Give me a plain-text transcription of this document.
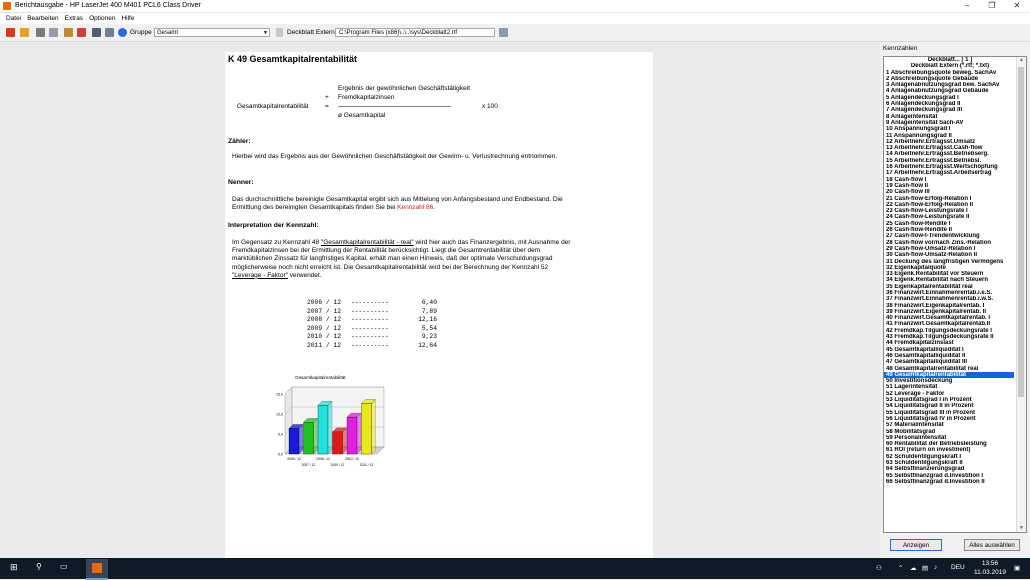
Berichtausgabe - HP LaserJet 400 M401 PCL6 Class Driver	–	❐	✕
Datei Bearbeiten Extras Optionen Hilfe
Gruppe Gesamt	▼	Deckblatt Extern C:\Program Files (x86)\..\..\sys\Deckblatt2.rtf
K 49 Gesamtkapitalrentabilität
Ergebnis der gewöhnlichen Geschäftstätigkeit
+ Fremdkapitalzinsen
Gesamtkapitalrentabilität	= ------------------------------------------------------------------------	x 100
ø Gesamtkapital
Zähler:
Hierbei wird das Ergebnis aus der Gewöhnlichen Geschäftstätigkeit der Gewinn- u. Verlustrechnung entnommen.
Nenner:
Das durchschnittliche bereinigte Gesamtkapital ergibt sich aus Mittelung von Anfangsbestand und Endbestand. Die Ermittlung des bereinigten Gesamtkapitals finden Sie bei Kennzahl 86.
Interpretation der Kennzahl:
Im Gegensatz zu Kennzahl 48 "Gesamtkapitalrentabilität - real" wird hier auch das Finanzergebnis, mit Ausnahme der Fremdkapitalzinsen bei der Ermittlung der Rentabilität berücksichtigt. Liegt die Gesamtrentabilität über dem marktüblichen Zinssatz für langfristiges Kapital, erhält man einen Hinweis, daß der optimale Verschuldungsgrad möglicherweise noch nicht erreicht ist. Die Gesamtkapitalrentabilität wird bei der Berechnung der Kennzahl 52 "Leverage - Faktor" verwendet.
2006 / 12 ----------	6,40
2007 / 12 ----------	7,89
2008 / 12 ----------	12,16
2009 / 12 ----------	5,54
2010 / 12 ----------	9,23
2011 / 12 ----------	12,64
Gesamtkapitalrentabilität
0,0
5,0
10,0
15,0
2006 / 12
2007 / 12
2008 / 12
2009 / 12
2010 / 12
2011 / 12
Kennzahlen
Deckblatt... [ 1 ]
Deckblatt Extern (*.rtf; *.txt)
1 Abschreibungsquote beweg. SachAv
2 Abschreibungsquote Gebäude
3 Anlagenabnutzungsgrad bew. SachAv
4 Anlagenabnutzungsgrad Gebäude
5 Anlagendeckungsgrad I
6 Anlagendeckungsgrad II
7 Anlagendeckungsgrad III
8 Anlageintensität
9 Anlageintensität Sach-AV
10 Anspannungsgrad I
11 Anspannungsgrad II
12 Arbeitnehr.Ertragsst.Umsatz
13 Arbeitnehr.Ertragsst.Cash-flow
14 Arbeitnehr.Ertragsst.Betriebserg.
15 Arbeitnehr.Ertragsst.Betriebsl.
16 Arbeitnehr.Ertragsst.Wertschöpfung
17 Arbeitnehr.Ertragsst.Arbeitsertrag
18 Cash-flow I
19 Cash-flow II
20 Cash-flow III
21 Cash-flow-Erfolg-Relation I
22 Cash-flow-Erfolg-Relation II
23 Cash-flow-Leistungsrate I
24 Cash-flow-Leistungsrate II
25 Cash-flow-Rendite I
26 Cash-flow-Rendite II
27 Cash-flow-I-Trendentwicklung
28 Cash-flow vor/nach Zins.-Relation
29 Cash-flow-Umsatz-Relation I
30 Cash-flow-Umsatz-Relation II
31 Deckung des langfristigen Vermögens
32 Eigenkapitalquote
33 Eigenk.Rentabilität vor Steuern
34 Eigenk.Rentabilität nach Steuern
35 Eigenkapitalrentabilität real
36 Finanzwirt.Einnahmenrentab.i.e.S.
37 Finanzwirt.Einnahmenrentab.i.w.S.
38 Finanzwirt.Eigenkapitalrentab. I
39 Finanzwirt.Eigenkapitalrentab. II
40 Finanzwirt.Gesamtkapitalrentab. I
41 Finanzwirt.Gesamtkapitalrentab.II
42 Fremdkap.Tilgungsdeckungsrate I
43 Fremdkap.Tilgungsdeckungsrate II
44 Fremdkapitalzinslast
45 Gesamtkapitalliquidität I
46 Gesamtkapitalliquidität II
47 Gesamtkapitalliquidität III
48 Gesamtkapitalrentabilität real
49 Gesamtkapitalrentabilität
50 Investitionsdeckung
51 Lagerintensität
52 Leverage - Faktor
53 Liquiditätsgrad I in Prozent
54 Liquiditätsgrad II in Prozent
55 Liquiditätsgrad III in Prozent
56 Liquiditätsgrad IV in Prozent
57 Materialintensität
58 Mobilitätsgrad
59 Personalintensität
60 Rentabilität der Betriebsleistung
61 ROI (return on investment)
62 Schuldentilgungskraft I
63 Schuldentilgungskraft II
64 Selbstfinanzierungsgrad
65 Selbstfinanzgrad d.Investition I
66 Selbstfinanzgrad d.Investition II
▲
▼
Anzeigen	Alles auswählen
⊞ ⚲ ▭	⚇ ⌃ ☁ ▤ ♪ DEU
13:56
11.03.2019
▣
